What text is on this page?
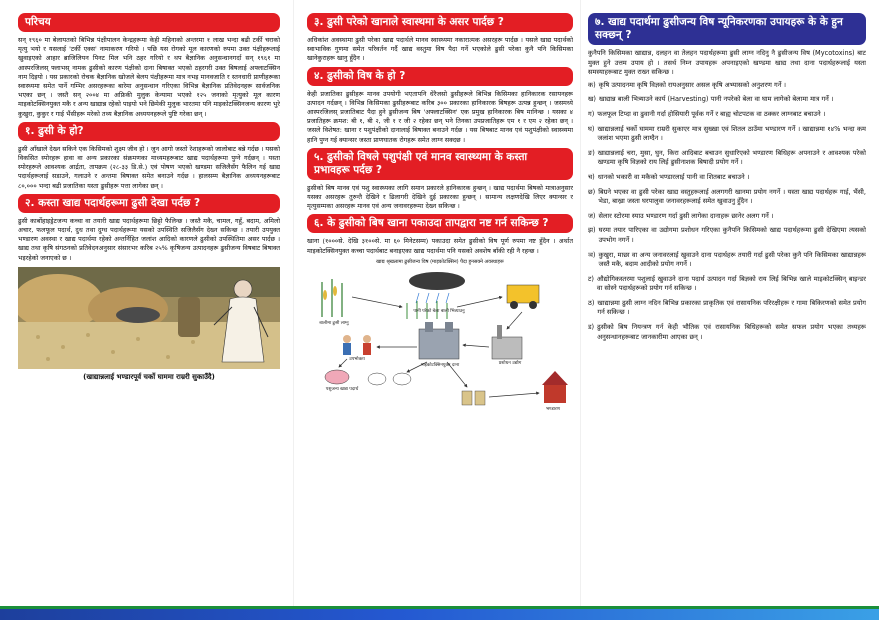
परिचय

सन् १९६० मा बेलायतको बिभिन्न पंक्षीपालन केन्द्रहरूमा केही महिनाको अन्तरमा १ लाख भन्दा बढी टर्की चराको मृत्यु भयो र यसलाई 'टर्की एक्स' नामाकरण गरियो । पछि यस रोगको मूल कारणको रुपमा उक्त पंक्षीहरूलाई खुवाइएको आहार ब्राजिलियन पिनट मिल भनि ठहर गरियो र थप बैज्ञानिक अनुसन्धानगर्दा सन् १९६१ मा आस्परजिलस् फ्लाभस् नामक ढुसीको कारण पंक्षीको दाना बिषाक्त भएको ठहरगरी उक्त बिषलाई अफ्लाटक्सिन नाम दिइयो । यस प्रकारको रोचक बैज्ञानिक खोजले बेलय पंक्षीहरूमा मात्र नभइ मानवजाति र स्तनधारी प्राणीहरूका स्वास्थ्यमा समेत पार्ने गम्भिर असरहरूका बारेमा अनुसन्धान गरिएका विभिन्न बैज्ञानिक प्रतिवेदनहरू सार्वजनिक भएका छन् । जस्तै सन् २००४ मा अफ्रिकी मुलुक केन्यामा भएको १२५ जनाको मृत्युको मूल कारण माइकोटक्सिनयुक्त मकै र अन्य खाद्यान्न रहेको पाइयो भने छिमेकी मुलुक भारतमा पनि माइकोटक्सिनजन्य कारण भुरे कुखुरा, कुकुर र गाई भैंसीहरू मरेको तथ्य बैज्ञानिक अध्ययनहरूले पुष्टि गरेका छन् ।

१. ढुसी के हो?

ढुसी आँखाले देख्न सकिने एक किसिमको शुक्ष्म जीव हो । जुन आगो जस्तो रेशाहरूको जालोबाट बन्ने गर्दछ । यसको विकसित स्पोरहरू हावा वा अन्य प्रकारका संक्रमणका माध्यमहरूबाट खाद्य पदार्थहरूमा पुग्ने गर्दछन् । यस्ता स्पोरहरूले आवश्यक आर्द्रता, तापक्रम (२८-३३ डि.से.) एवं पोषण भएको खण्डमा सजिलैसँग फैलिन गई खाद्य पदार्थहरूलाई सडाउने, गलाउने र अन्तमा बिषाक्त समेत बनाउने गर्दछ । हालसम्म बैज्ञानिक अध्ययनहरूबाट ८०,००० भन्दा बढी प्रजातिका यस्ता ढुसीहरू पत्ता लागेका छन् ।

२. कस्ता खाद्य पदार्थहरूमा ढुसी देखा पर्दछ ?

ढुसी कार्बोहाइड्रेटजन्य कच्चा वा तयारी खाद्य पदार्थहरूमा छिट्टो फैलिन्छ । जस्तै मकै, चामल, गहुँ, बदाम, अमिलो अचार, फलफूल पदार्थ, दुध तथा दुग्ध पदार्थहरूमा यसको उपस्थिति सजिलैसँग देख्न सकिन्छ । तयारी उपयुक्त भण्डारण अवस्था र खाद्य पदार्थमा रहेको अन्तर्निहित जलांश आदिको कारणले ढुसीको उपस्थितिमा असर पार्दछ । खाद्य तथा कृषि संगठनको प्रतिवेदनअनुसार संसारभर करिब २५% कृषिजन्य उत्पादनहरू ढुसीजन्य विषबाट बिषाक्त भइरहेको जनाएको छ ।

(खाद्यान्नलाई भण्डारपूर्व चर्को घाममा राम्ररी सुकाउँदै)
३. ढुसी परेको खानाले स्वास्थमा के असर पार्दछ ?

अधिकांश अवस्थामा ढुसी परेका खाद्य पदार्थले मानव स्वास्थ्यमा नकारात्मक असरहरू पार्दछ । यसले खाद्य पदार्थको स्वाभाविक गुणमा समेत परिवर्तन गर्दै खाद्य वस्तुमा विष पैदा गर्ने भएकोले ढुसी परेका कुनै पनि किसिमका खानेकुराहरू खानु हुँदैन ।

४. ढुसीको विष के हो ?

केही प्रजातिका ढुसीहरू मानव उपयोगी भएतापनि धेरैजसो ढुसीहरूले बिभिन्न किसिमका हानिकारक रसायनहरू उत्पादन गर्दछन् । विभिन्न किसिमका ढुसीहरूबाट करिब ३०० प्रकारका हानिकारक बिषहरू उत्पन्न हुन्छन् । जसमध्ये आस्परजिलस् प्रजातिबाट पैदा हुने ढुसीजन्य बिष 'अफ्लाटक्सिन' एक प्रमुख हानिकारक बिष मानिन्छ । यसका ४ प्रजातिहरू क्रमश: बी १, बी २, जी १ र जी २ रहेका छन् भने तिनका उपप्रजातिहरू एम १ र एम २ रहेका छन् । जसले विशेषत: खाना र पशुपंक्षीको दानालाई बिषाक्त बनाउने गर्दछ । यस बिषबाट मानव एवं पशुपंक्षीको स्वास्थ्यमा हानि पुग्न गई क्यान्सर जस्ता प्राणघातक रोगहरू समेत लाग्न सक्दछ ।

५. ढुसीको विषले पशुपंक्षी एवं मानव स्वास्थ्यमा के कस्ता प्रभावहरू पर्दछ ?

ढुसीको बिष मानव एवं पशु स्वास्थ्यका लागि समान प्रकारले हानिकारक हुन्छन् । खाद्य पदार्थमा बिषको मात्राअनुसार यसका असरहरू तुरुन्तै देखिने र ढिलागरी देखिने दुई प्रकारका हुन्छन् । सामान्य लक्षणदेखि लिएर क्यान्सर र मृत्युसम्मका असरहरू मानव एवं अन्य जनावरहरूमा देख्न सकिन्छ ।

६. के ढुसीको बिष खाना पकाउदा तापद्वारा नष्ट गर्न सकिन्छ ?

खाना (१०००से. देखि ३१००से. मा ६० मिनेटसम्म) पकाउदा समेत ढुसीको विष पूर्ण रुपमा नष्ट हुँदैन । अर्थात माइकोटक्सिनयुक्त कच्चा पदार्थबाट बनाइएका खाद्य पदार्थमा पनि यसको अवशेष बाँकी रही नै रहन्छ ।

खाद्य श्रृखलामा ढुसीजन्य विष (माइकोटक्सिन) पैदा हुनसक्ने अवस्थाहरू
बालीमा ढुसी लाग्नु
पानी परेको बेला बाली भित्र्याउनु
माइकोटक्सिनयुक्त दाना
पशुजन्य खाद्य पदार्थ
उपभोक्ता
प्रशोधन उद्योग
भण्डारण
७. खाद्य पदार्थमा ढुसीजन्य विष न्यूनिकरणका उपायहरू के के हुन सक्छन् ?

कुनैपनि किसिमका खाद्यान्न, दलहन वा तेलहन पदार्थहरूमा ढुसी लाग्न नदिनु नै ढुसीजन्य विष (Mycotoxins) बाट मुक्त हुने उत्तम उपाय हो । तसर्थ निम्न उपायहरू अपनाइएको खण्डमा खाद्य तथा दाना पदार्थहरूलाई यस्ता समस्याहरूबाट मुक्त राख्न सकिन्छ ।

क) कृषि उत्पादनमा कृषि विज्ञको रायअनुसार असल कृषि अभ्यासको अनुशरण गर्ने ।
ख) खाद्यान्न बाली भित्र्याउने कार्य (Harvesting) पानी नपरेको बेला वा घाम लागेको बेलामा मात्र गर्ने ।
ग) फलफूल टिप्दा वा ढुवानी गर्दा होसियारी पूर्वक गर्ने र बाह्य चोटपटक वा ठक्कर लाग्नबाट बचाउने ।
घ) खाद्यान्नलाई चर्को घाममा राम्ररी सुकाएर मात्र सुख्खा एवं शितल ठाउँमा भण्डारण गर्ने । खाद्यान्नमा १४% भन्दा कम जलांश भएमा ढुसी लाग्दैन ।
ङ) खाद्यान्नलाई चरा, मुसा, घुन, किरा आदिबाट बचाउन सुधारिएको भण्डारण बिधिहरू अपनाउने र आवश्यक परेको खण्डमा कृषि विज्ञको राय लिई ढुसीनाशक बिषादी प्रयोग गर्ने ।
च) धानको भकारी वा मकैको भण्डारलाई पानी वा शितबाट बचाउने ।
छ) बिग्रने भएका वा ढुसी परेका खाद्य वस्तुहरूलाई अलगगरी खानमा प्रयोग नगर्ने । यस्ता खाद्य पदार्थहरू गाई, भैंसी, भेडा, बाख्रा जस्ता घरपालुवा जनावरहरूलाई समेत खुवाउनु हुँदैन ।
ज) सेलार स्टोरमा स्याउ भण्डारण गर्दा ढुसी लागेका दानाहरू छानेर अलग गर्ने ।
झ) घरमा तयार पारिएका वा उद्योगमा प्रशोधन गरिएका कुनैपनि किसिमको खाद्य पदार्थहरूमा ढुसी देखिएमा त्यसको उपभोग नगर्ने ।
ञ) कुखुरा, माछा वा अन्य जनावरलाई खुवाउने दाना पदार्थहरू तयारी गर्दा ढुसी परेका कुनै पनि किसिमका खाद्यान्नहरू जस्तै मकै, बदाम आदीको प्रयोग नगर्ने ।
ट) औद्योगिकस्तरमा पशुलाई खुवाउने दाना पदार्थ उत्पादन गर्दा बिज्ञको राय लिई बिभिन्न खाले माइकोटक्सिन् बाइन्डर वा सोस्ने पदार्थहरूको प्रयोग गर्न सकिन्छ ।
ठ) खाद्यान्नमा ढुसी लाग्न नदिन बिभिन्न प्रकारका प्राकृतिक एवं रासायनिक परिरक्षीहरू र गामा बिकिरणको समेत प्रयोग गर्न सकिन्छ ।
ड) ढुसीको बिष नियन्त्रण गर्न केही भौतिक एवं रासायनिक बिधिहरूको समेत सफल प्रयोग भएका तथ्यहरू अनुसन्धानहरूबाट जानकारीमा आएका छन् ।
